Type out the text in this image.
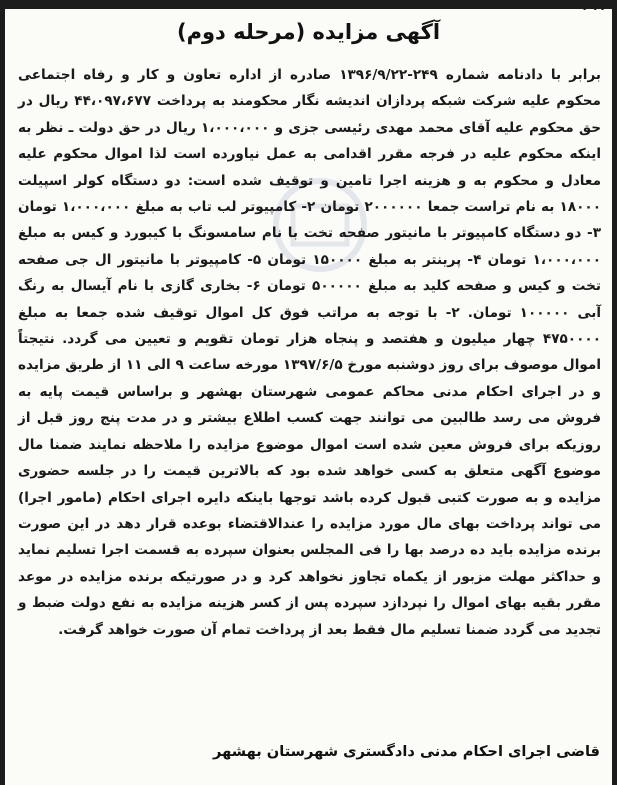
۴۹۹
آگهی مزایده (مرحله دوم)

برابر با دادنامه شماره ۲۴۹-۱۳۹۶/۹/۲۲ صادره از اداره تعاون و کار و رفاه اجتماعی محکوم علیه شرکت شبکه پردازان اندیشه نگار محکومند به پرداخت ۴۴،۰۹۷،۶۷۷ ریال در حق محکوم علیه آقای محمد مهدی رئیسی جزی و ۱،۰۰۰،۰۰۰ ریال در حق دولت ـ نظر به اینکه محکوم علیه در فرجه مقرر اقدامی به عمل نیاورده است لذا اموال محکوم علیه معادل و محکوم به و هزینه اجرا تامین و توقیف شده است: دو دستگاه کولر اسپیلت ۱۸۰۰۰ به نام تراست جمعا ۲۰۰۰۰۰۰ تومان ۲- کامپیوتر لب تاب به مبلغ ۱،۰۰۰،۰۰۰ تومان ۳- دو دستگاه کامپیوتر با مانیتور صفحه تخت با نام سامسونگ با کیبورد و کیس به مبلغ ۱،۰۰۰،۰۰۰ تومان ۴- پرینتر به مبلغ ۱۵۰۰۰۰ تومان ۵- کامپیوتر با مانیتور ال جی صفحه تخت و کیس و صفحه کلید به مبلغ ۵۰۰۰۰۰ تومان ۶- بخاری گازی با نام آیسال به رنگ آبی ۱۰۰۰۰۰ تومان. ۲- با توجه به مراتب فوق کل اموال توقیف شده جمعا به مبلغ ۴۷۵۰۰۰۰ چهار میلیون و هفتصد و پنجاه هزار تومان تقویم و تعیین می گردد. نتیجتاً اموال موصوف برای روز دوشنبه مورخ ۱۳۹۷/۶/۵ مورخه ساعت ۹ الی ۱۱ از طریق مزایده و در اجرای احکام مدنی محاکم عمومی شهرستان بهشهر و براساس قیمت پایه به فروش می رسد طالبین می توانند جهت کسب اطلاع بیشتر و در مدت پنج روز قبل از روزیکه برای فروش معین شده است اموال موضوع مزایده را ملاحظه نمایند ضمنا مال موضوع آگهی متعلق به کسی خواهد شده بود که بالاترین قیمت را در جلسه حضوری مزایده و به صورت کتبی قبول کرده باشد توجها باینکه دایره اجرای احکام (مامور اجرا) می تواند پرداخت بهای مال مورد مزایده را عندالاقتضاء بوعده قرار دهد در این صورت برنده مزایده باید ده درصد بها را فی المجلس بعنوان سپرده به قسمت اجرا تسلیم نماید و حداکثر مهلت مزبور از یکماه تجاوز نخواهد کرد و در صورتیکه برنده مزایده در موعد مقرر بقیه بهای اموال را نپردازد سپرده پس از کسر هزینه مزایده به نفع دولت ضبط و تجدید می گردد ضمنا تسلیم مال فقط بعد از پرداخت تمام آن صورت خواهد گرفت.

قاضی اجرای احکام مدنی دادگستری شهرستان بهشهر
